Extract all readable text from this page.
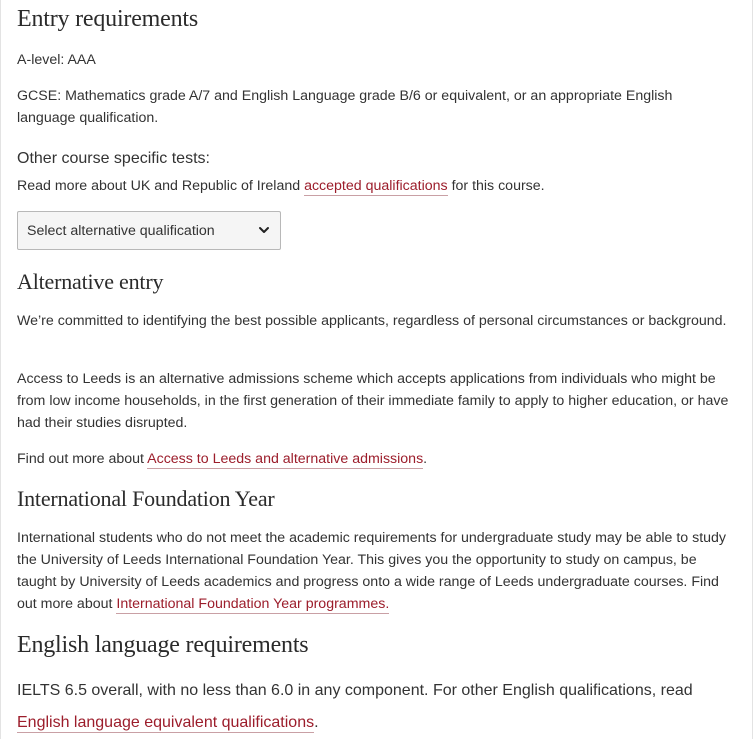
Entry requirements

A-level: AAA

GCSE: Mathematics grade A/7 and English Language grade B/6 or equivalent, or an appropriate English language qualification.

Other course specific tests:

Read more about UK and Republic of Ireland accepted qualifications for this course.

Alternative entry

We’re committed to identifying the best possible applicants, regardless of personal circumstances or background.

Access to Leeds is an alternative admissions scheme which accepts applications from individuals who might be from low income households, in the first generation of their immediate family to apply to higher education, or have had their studies disrupted.

Find out more about Access to Leeds and alternative admissions.

International Foundation Year

International students who do not meet the academic requirements for undergraduate study may be able to study the University of Leeds International Foundation Year. This gives you the opportunity to study on campus, be taught by University of Leeds academics and progress onto a wide range of Leeds undergraduate courses. Find out more about International Foundation Year programmes.

English language requirements

IELTS 6.5 overall, with no less than 6.0 in any component. For other English qualifications, read English language equivalent qualifications.

Select alternative qualification
